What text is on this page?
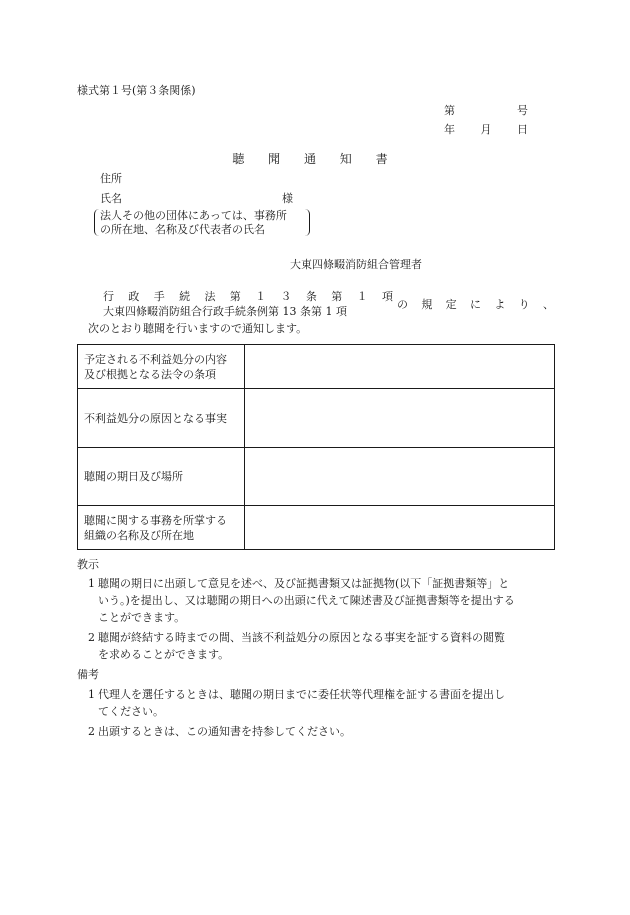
様式第１号(第３条関係)
第	号
年 月 日
聴 聞 通 知 書
住所
氏名	様
法人その他の団体にあっては、事務所
の所在地、名称及び代表者の氏名
大東四條畷消防組合管理者
行 政 手 続 法 第 １ ３ 条 第 １ 項
大東四條畷消防組合行政手続条例第 13 条第 1 項
の 規 定 に よ り 、
次のとおり聴聞を行いますので通知します。
予定される不利益処分の内容
及び根拠となる法令の条項	

不利益処分の原因となる事実	

聴聞の期日及び場所	

聴聞に関する事務を所掌する
組織の名称及び所在地	

教示
1 聴聞の期日に出頭して意見を述べ、及び証拠書類又は証拠物(以下「証拠書類等」と
いう。)を提出し、又は聴聞の期日への出頭に代えて陳述書及び証拠書類等を提出する
ことができます。
2 聴聞が終結する時までの間、当該不利益処分の原因となる事実を証する資料の閲覧
を求めることができます。
備考
1 代理人を選任するときは、聴聞の期日までに委任状等代理権を証する書面を提出し
てください。
2 出頭するときは、この通知書を持参してください。
